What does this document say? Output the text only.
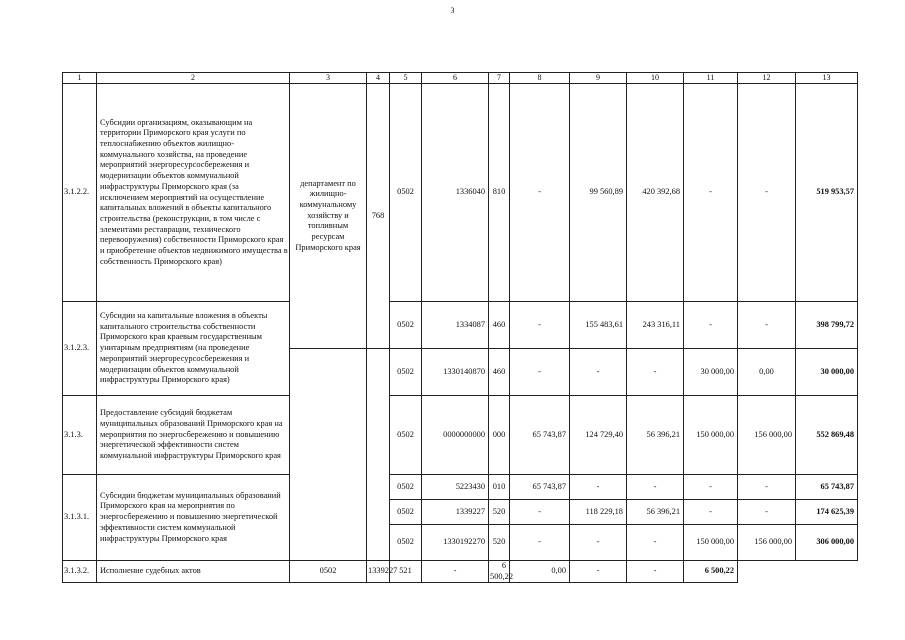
3
1	2	3	4	5	6	7	8	9	10	11	12	13
3.1.2.2.	Субсидии организациям, оказывающим на территории Приморского края услуги по теплоснабжению объектов жилищно-коммунального хозяйства, на проведение мероприятий энергоресурсосбережения и модернизации объектов коммунальной инфраструктуры Приморского края (за исключением мероприятий на осуществление капитальных вложений в объекты капитального строительства (реконструкции, в том числе с элементами реставрации, технического перевооружения) собственности Приморского края и приобретение объектов недвижимого имущества в собственность Приморского края)	департамент по жилищно-коммунальному хозяйству и топливным ресурсам Приморского края	768	0502	1336040	810	-	99 560,89	420 392,68	-	-	519 953,57
3.1.2.3.	Субсидии на капитальные вложения в объекты капитального строительства собственности Приморского края краевым государственным унитарным предприятиям (на проведение мероприятий энергоресурсосбережения и модернизации объектов коммунальной инфраструктуры Приморского края)			0502	1334087	460	-	155 483,61	243 316,11	-	-	398 799,72
				0502	1330140870	460	-	-	-	30 000,00	0,00	30 000,00
3.1.3.	Предоставление субсидий бюджетам муниципальных образований Приморского края на мероприятия по энергосбережению и повышению энергетической эффективности систем коммунальной инфраструктуры Приморского края			0502	0000000000	000	65 743,87	124 729,40	56 396,21	150 000,00	156 000,00	552 869,48
3.1.3.1.	Субсидии бюджетам муниципальных образований Приморского края на мероприятия по энергосбережению и повышению энергетической эффективности систем коммунальной инфраструктуры Приморского края			0502	5223430	010	65 743,87	-	-	-	-	65 743,87
				0502	1339227	520	-	118 229,18	56 396,21	-	-	174 625,39
				0502	1330192270	520	-	-	-	150 000,00	156 000,00	306 000,00
3.1.3.2.	Исполнение судебных актов	0502	1339227	521	-	6 500,22	0,00	-	-	6 500,22		
